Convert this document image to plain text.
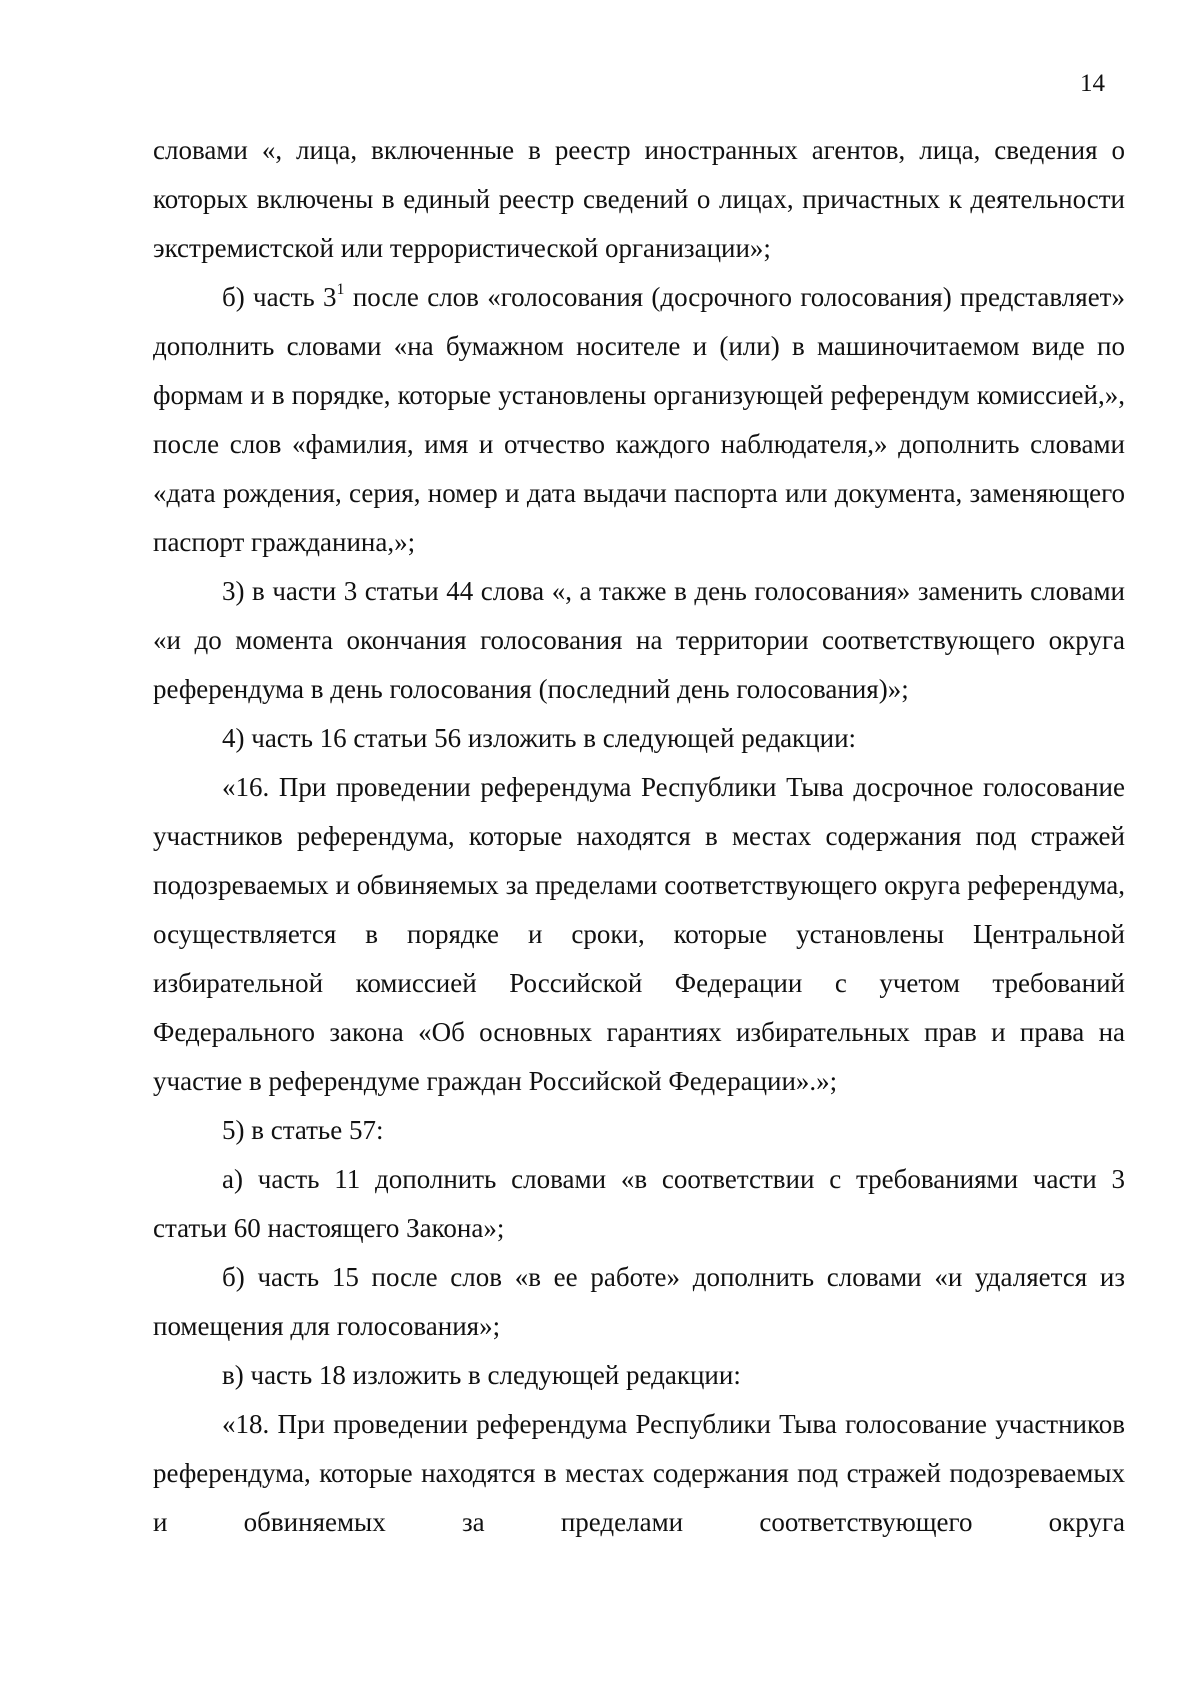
14

словами «, лица, включенные в реестр иностранных агентов, лица, сведения о которых включены в единый реестр сведений о лицах, причастных к деятельности экстремистской или террористической организации»;

б) часть $3^1$ после слов «голосования (досрочного голосования) представляет» дополнить словами «на бумажном носителе и (или) в машиночитаемом виде по формам и в порядке, которые установлены организующей референдум комиссией,», после слов «фамилия, имя и отчество каждого наблюдателя,» дополнить словами «дата рождения, серия, номер и дата выдачи паспорта или документа, заменяющего паспорт гражданина,»;

3) в части 3 статьи 44 слова «, а также в день голосования» заменить словами «и до момента окончания голосования на территории соответствующего округа референдума в день голосования (последний день голосования)»;

4) часть 16 статьи 56 изложить в следующей редакции:

«16. При проведении референдума Республики Тыва досрочное голосование участников референдума, которые находятся в местах содержания под стражей подозреваемых и обвиняемых за пределами соответствующего округа референдума, осуществляется в порядке и сроки, которые установлены Центральной избирательной комиссией Российской Федерации с учетом требований Федерального закона «Об основных гарантиях избирательных прав и права на участие в референдуме граждан Российской Федерации».»;

5) в статье 57:

а) часть 11 дополнить словами «в соответствии с требованиями части 3 статьи 60 настоящего Закона»;

б) часть 15 после слов «в ее работе» дополнить словами «и удаляется из помещения для голосования»;

в) часть 18 изложить в следующей редакции:

«18. При проведении референдума Республики Тыва голосование участников референдума, которые находятся в местах содержания под стражей подозреваемых и обвиняемых за пределами соответствующего округа
